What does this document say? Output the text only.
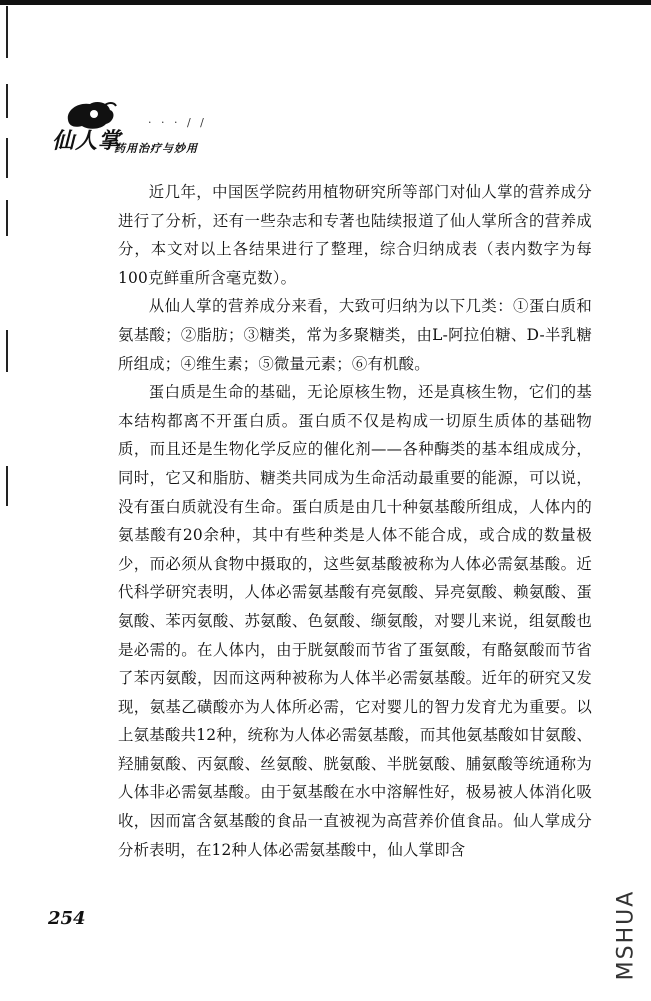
· · · / /
仙人掌
药用治疗与妙用

近几年，中国医学院药用植物研究所等部门对仙人掌的营养成分进行了分析，还有一些杂志和专著也陆续报道了仙人掌所含的营养成分，本文对以上各结果进行了整理，综合归纳成表（表内数字为每100克鲜重所含毫克数）。

从仙人掌的营养成分来看，大致可归纳为以下几类：①蛋白质和氨基酸；②脂肪；③糖类，常为多聚糖类，由L-阿拉伯糖、D-半乳糖所组成；④维生素；⑤微量元素；⑥有机酸。

蛋白质是生命的基础，无论原核生物，还是真核生物，它们的基本结构都离不开蛋白质。蛋白质不仅是构成一切原生质体的基础物质，而且还是生物化学反应的催化剂——各种酶类的基本组成成分，同时，它又和脂肪、糖类共同成为生命活动最重要的能源，可以说，没有蛋白质就没有生命。蛋白质是由几十种氨基酸所组成，人体内的氨基酸有20余种，其中有些种类是人体不能合成，或合成的数量极少，而必须从食物中摄取的，这些氨基酸被称为人体必需氨基酸。近代科学研究表明，人体必需氨基酸有亮氨酸、异亮氨酸、赖氨酸、蛋氨酸、苯丙氨酸、苏氨酸、色氨酸、缬氨酸，对婴儿来说，组氨酸也是必需的。在人体内，由于胱氨酸而节省了蛋氨酸，有酪氨酸而节省了苯丙氨酸，因而这两种被称为人体半必需氨基酸。近年的研究又发现，氨基乙磺酸亦为人体所必需，它对婴儿的智力发育尤为重要。以上氨基酸共12种，统称为人体必需氨基酸，而其他氨基酸如甘氨酸、羟脯氨酸、丙氨酸、丝氨酸、胱氨酸、半胱氨酸、脯氨酸等统通称为人体非必需氨基酸。由于氨基酸在水中溶解性好，极易被人体消化吸收，因而富含氨基酸的食品一直被视为高营养价值食品。仙人掌成分分析表明，在12种人体必需氨基酸中，仙人掌即含

254	MSHUA
